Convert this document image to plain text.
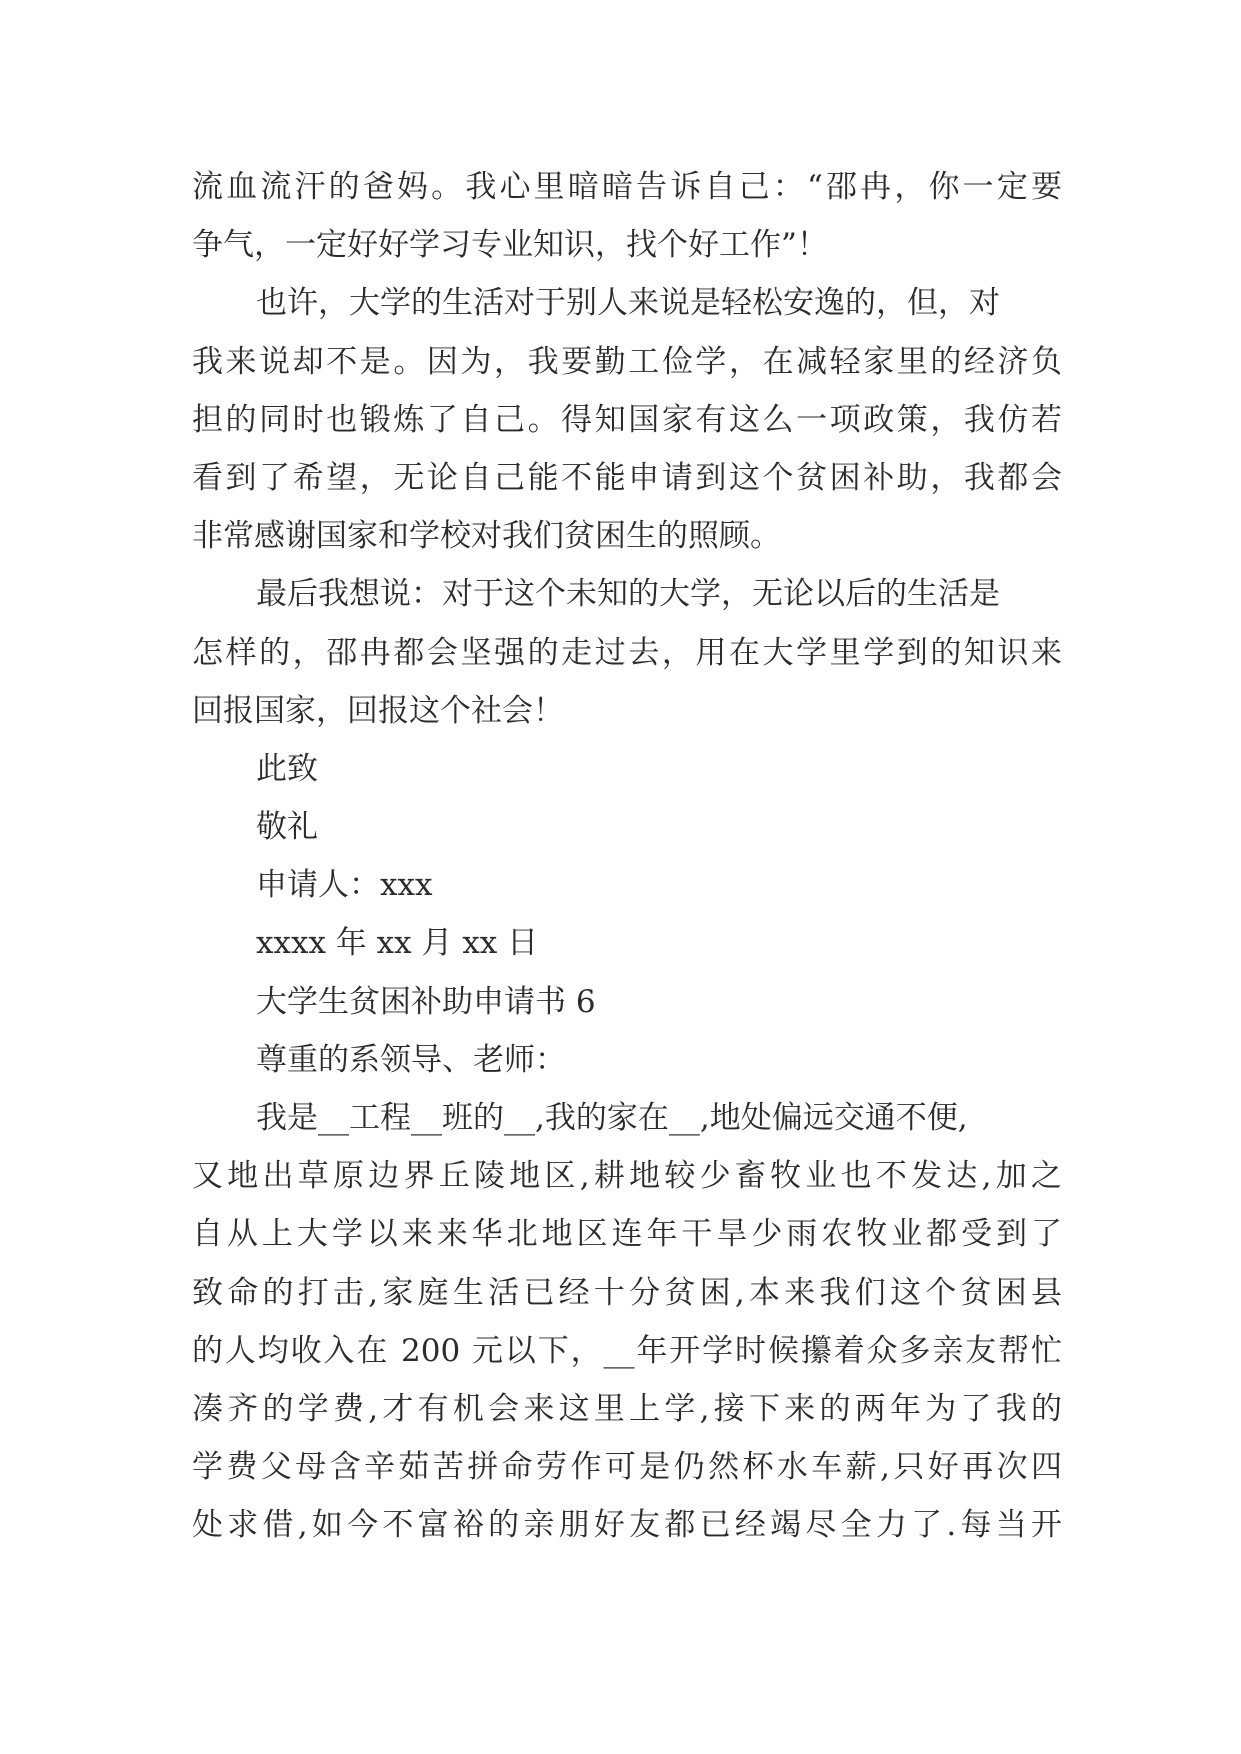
流血流汗的爸妈。我心里暗暗告诉自己：“邵冉，你一定要
争气，一定好好学习专业知识，找个好工作”！
也许，大学的生活对于别人来说是轻松安逸的，但，对
我来说却不是。因为，我要勤工俭学，在减轻家里的经济负
担的同时也锻炼了自己。得知国家有这么一项政策，我仿若
看到了希望，无论自己能不能申请到这个贫困补助，我都会
非常感谢国家和学校对我们贫困生的照顾。
最后我想说：对于这个未知的大学，无论以后的生活是
怎样的，邵冉都会坚强的走过去，用在大学里学到的知识来
回报国家，回报这个社会！
此致
敬礼
申请人：xxx
xxxx 年 xx 月 xx 日
大学生贫困补助申请书 6
尊重的系领导、老师：
我是__工程__班的__,我的家在__,地处偏远交通不便,
又地出草原边界丘陵地区,耕地较少畜牧业也不发达,加之
自从上大学以来来华北地区连年干旱少雨农牧业都受到了
致命的打击,家庭生活已经十分贫困,本来我们这个贫困县
的人均收入在 200 元以下，__年开学时候攥着众多亲友帮忙
凑齐的学费,才有机会来这里上学,接下来的两年为了我的
学费父母含辛茹苦拼命劳作可是仍然杯水车薪,只好再次四
处求借,如今不富裕的亲朋好友都已经竭尽全力了.每当开
